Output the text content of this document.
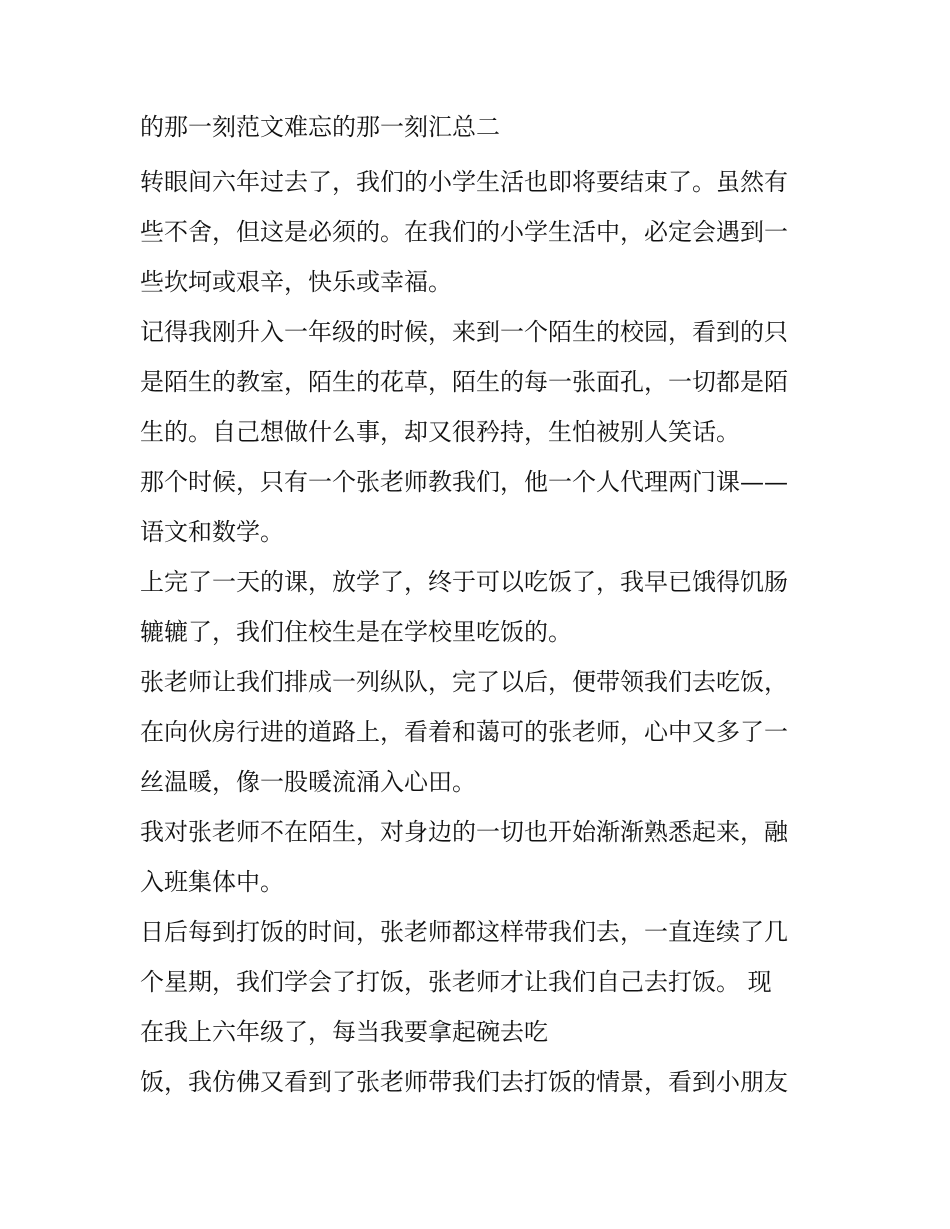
的那一刻范文难忘的那一刻汇总二

转眼间六年过去了，我们的小学生活也即将要结束了。虽然有

些不舍，但这是必须的。在我们的小学生活中，必定会遇到一

些坎坷或艰辛，快乐或幸福。

记得我刚升入一年级的时候，来到一个陌生的校园，看到的只

是陌生的教室，陌生的花草，陌生的每一张面孔，一切都是陌

生的。自己想做什么事，却又很矜持，生怕被别人笑话。

那个时候，只有一个张老师教我们，他一个人代理两门课——

语文和数学。

上完了一天的课，放学了，终于可以吃饭了，我早已饿得饥肠

辘辘了，我们住校生是在学校里吃饭的。

张老师让我们排成一列纵队，完了以后，便带领我们去吃饭，

在向伙房行进的道路上，看着和蔼可的张老师，心中又多了一

丝温暖，像一股暖流涌入心田。

我对张老师不在陌生，对身边的一切也开始渐渐熟悉起来，融

入班集体中。

日后每到打饭的时间，张老师都这样带我们去，一直连续了几

个星期，我们学会了打饭，张老师才让我们自己去打饭。 现

在我上六年级了，每当我要拿起碗去吃

饭，我仿佛又看到了张老师带我们去打饭的情景，看到小朋友
